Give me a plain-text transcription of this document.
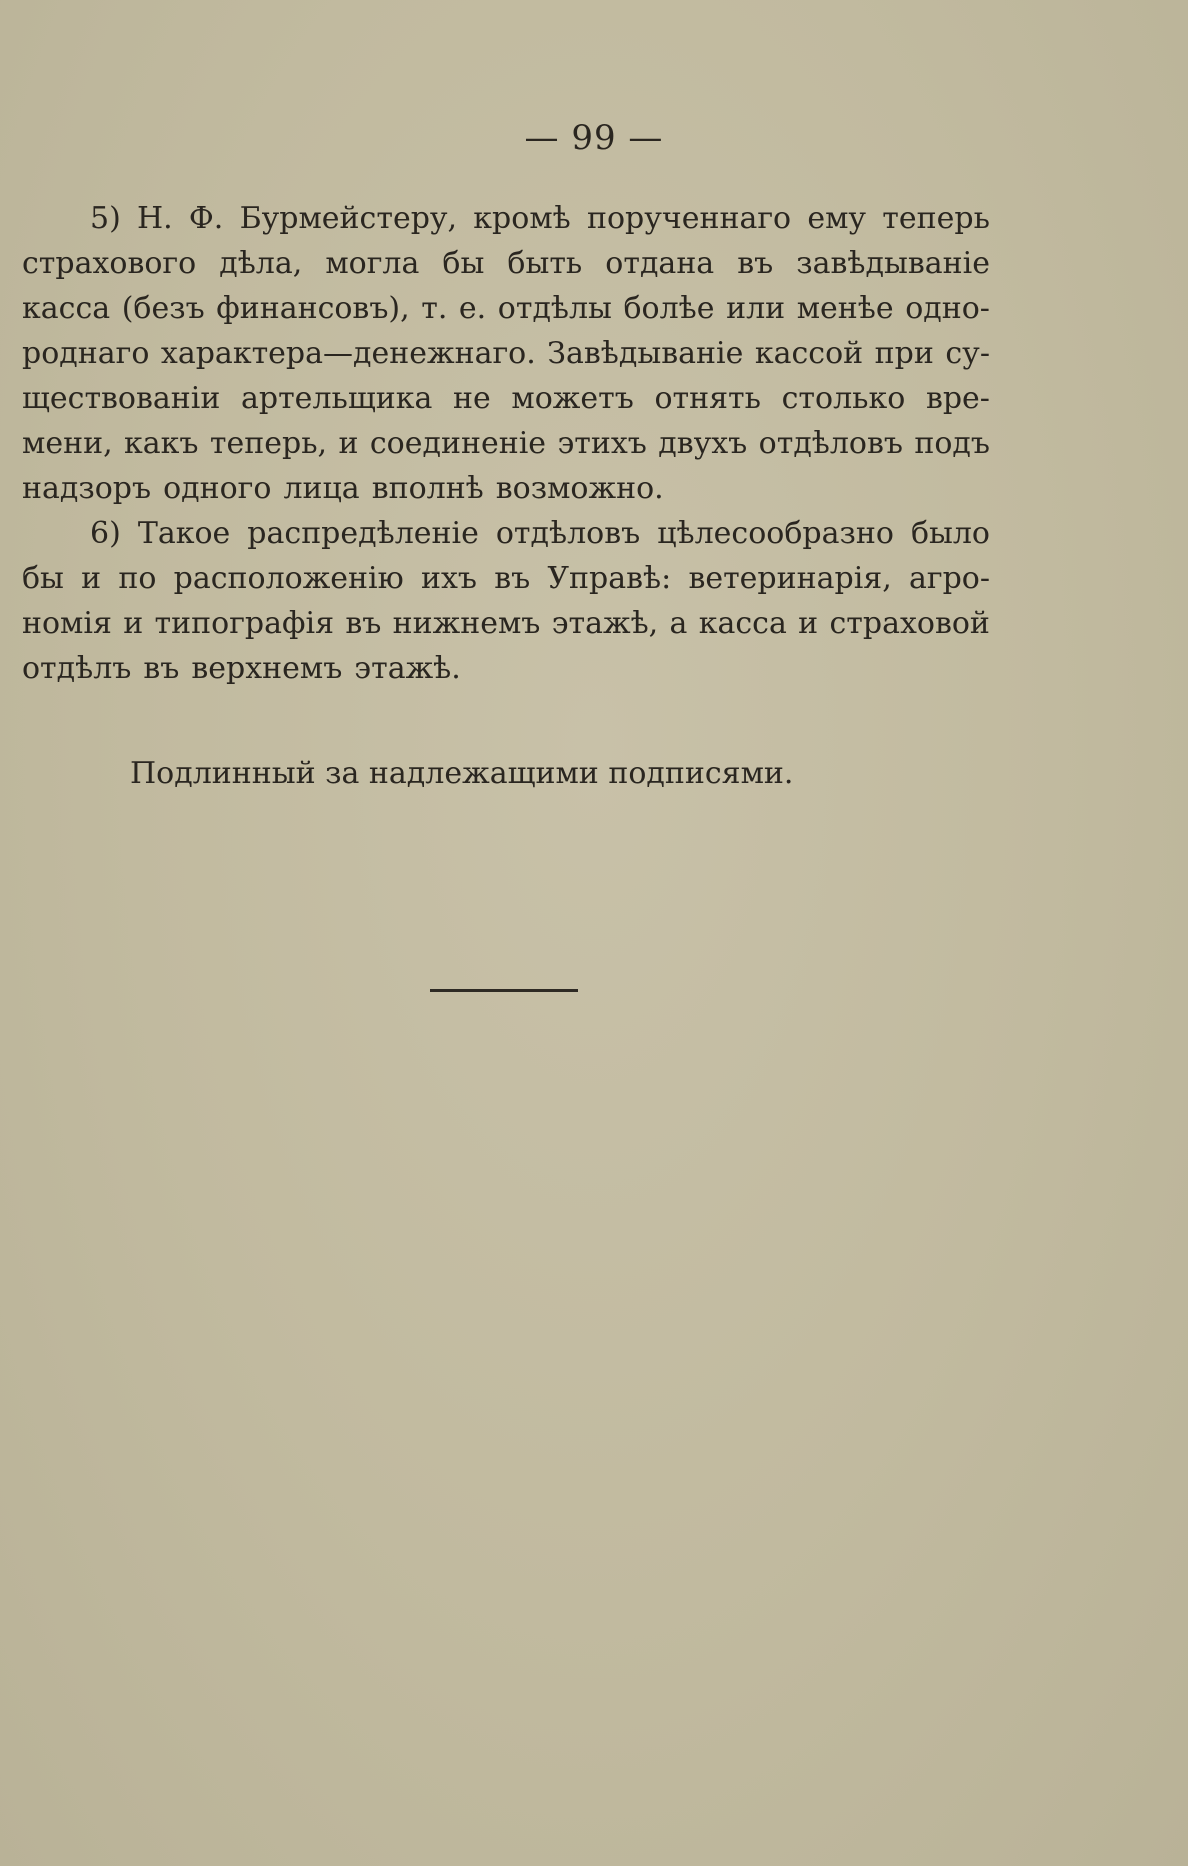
— 99 —
5) Н. Ф. Бурмейстеру, кромѣ порученнаго ему теперь
страхового дѣла, могла бы быть отдана въ завѣдываніе
касса (безъ финансовъ), т. е. отдѣлы болѣе или менѣе одно-
роднаго характера—денежнаго. Завѣдываніе кассой при су-
ществованіи артельщика не можетъ отнять столько вре-
мени, какъ теперь, и соединеніе этихъ двухъ отдѣловъ подъ
надзоръ одного лица вполнѣ возможно.
6) Такое распредѣленіе отдѣловъ цѣлесообразно было
бы и по расположенію ихъ въ Управѣ: ветеринарія, агро-
номія и типографія въ нижнемъ этажѣ, а касса и страховой
отдѣлъ въ верхнемъ этажѣ.
Подлинный за надлежащими подписями.
